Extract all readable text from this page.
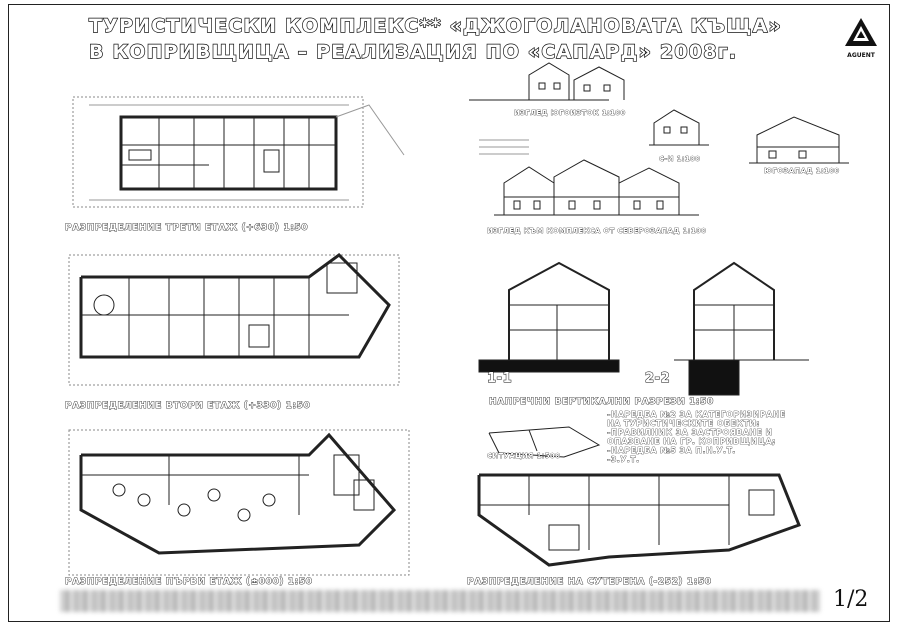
ТУРИСТИЧЕСКИ КОМПЛЕКС** «ДЖОГОЛАНОВАТА КЪЩА»
В КОПРИВЩИЦА – РЕАЛИЗАЦИЯ ПО «САПАРД» 2008г.	AGUENT
РАЗПРЕДЕЛЕНИЕ ТРЕТИ ЕТАЖ (+630) 1:50
РАЗПРЕДЕЛЕНИЕ ВТОРИ ЕТАЖ (+330) 1:50
РАЗПРЕДЕЛЕНИЕ ПЪРВИ ЕТАЖ (±000) 1:50	РАЗПРЕДЕЛЕНИЕ НА СУТЕРЕНА (-252) 1:50
ИЗГЛЕД ЮГОИЗТОК 1:100
С-И 1:100
ЮГОЗАПАД 1:100
ИЗГЛЕД КЪМ КОМПЛЕКСА ОТ СЕВЕРОЗАПАД 1:100
1-1	2-2
НАПРЕЧНИ ВЕРТИКАЛНИ РАЗРЕЗИ 1:50
СИТУАЦИЯ 1:500
-НАРЕДБА №2 ЗА КАТЕГОРИЗИРАНЕ
НА ТУРИСТИЧЕСКИТЕ ОБЕКТИ:
-ПРАВИЛНИК ЗА ЗАСТРОЯВАНЕ И
ОПАЗВАНЕ НА ГР. КОПРИВЩИЦА;
-НАРЕДБА №5 ЗА П.Н.У.Т.
-З.У.Т.
1/2
